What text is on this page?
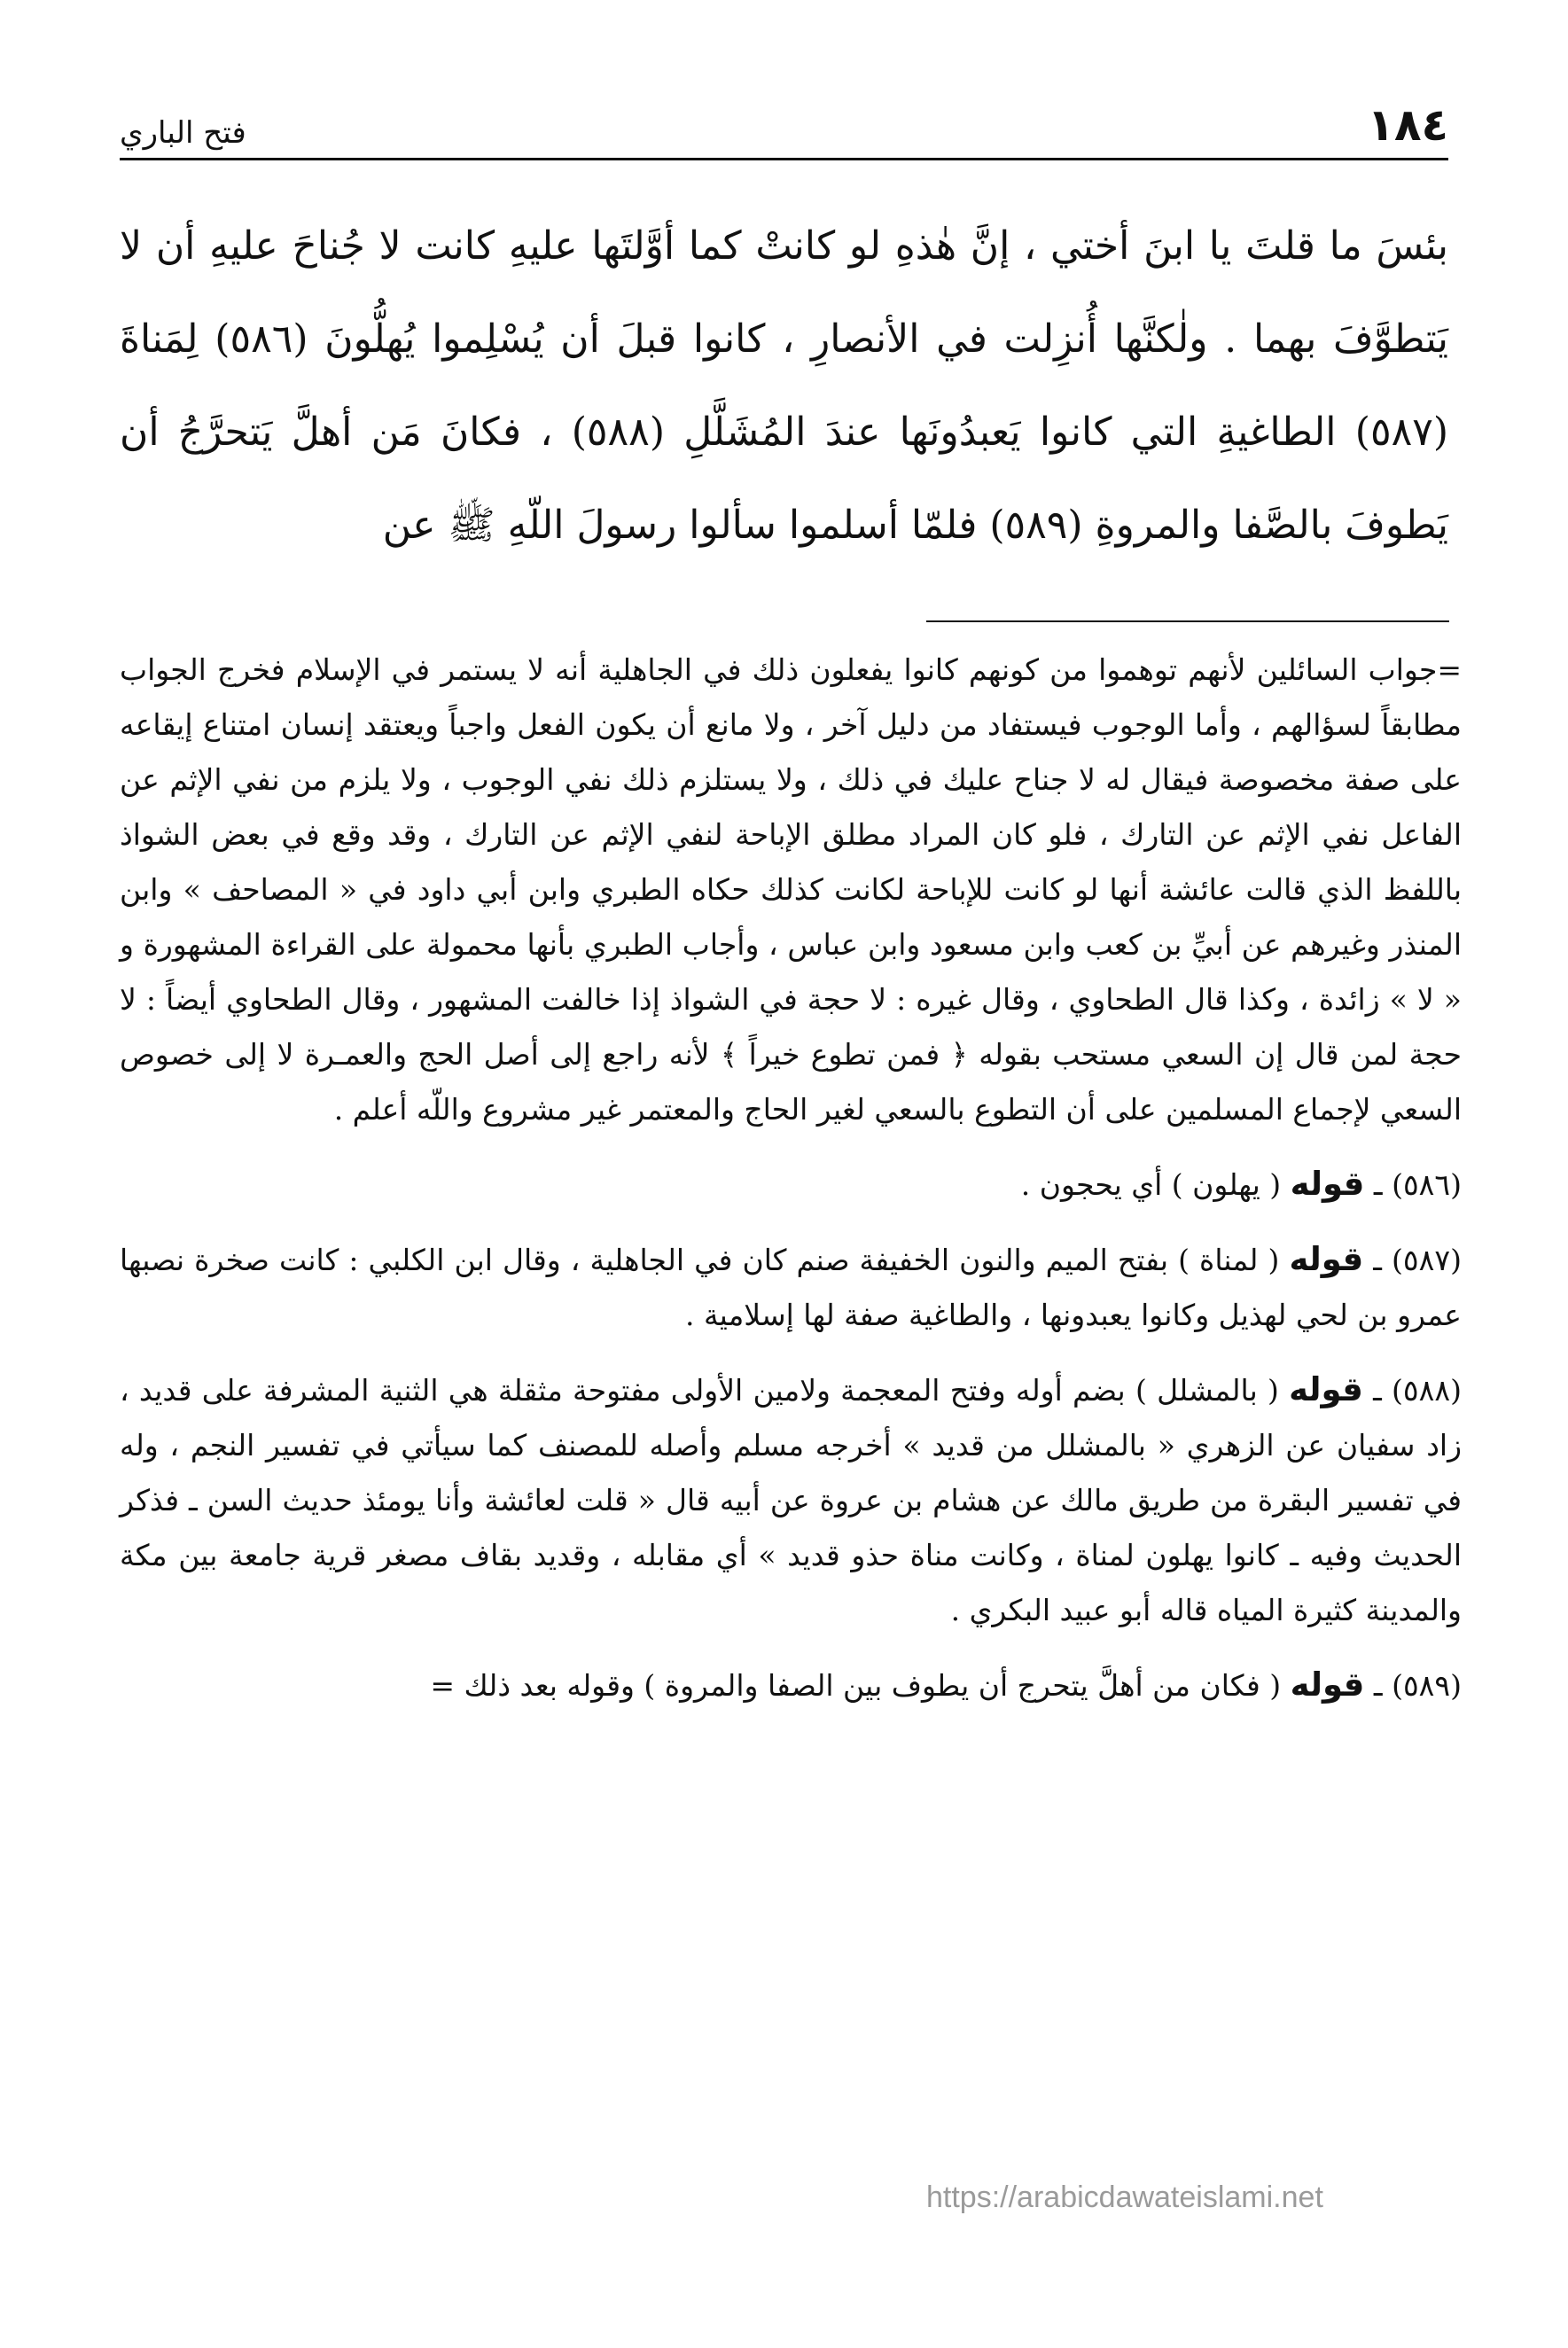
١٨٤
فتح الباري

بئسَ ما قلتَ يا ابنَ أختي ، إنَّ هٰذهِ لو كانتْ كما أوَّلتَها عليهِ كانت لا جُناحَ عليهِ أن لا يَتطوَّفَ بهما . ولٰكنَّها أُنزِلت في الأنصارِ ، كانوا قبلَ أن يُسْلِموا يُهلُّونَ (٥٨٦) لِمَناةَ (٥٨٧) الطاغيةِ التي كانوا يَعبدُونَها عندَ المُشَلَّلِ (٥٨٨) ، فكانَ مَن أهلَّ يَتحرَّجُ أن يَطوفَ بالصَّفا والمروةِ (٥٨٩) فلمّا أسلموا سألوا رسولَ اللّهِ ﷺ عن

=جواب السائلين لأنهم توهموا من كونهم كانوا يفعلون ذلك في الجاهلية أنه لا يستمر في الإسلام فخرج الجواب مطابقاً لسؤالهم ، وأما الوجوب فيستفاد من دليل آخر ، ولا مانع أن يكون الفعل واجباً ويعتقد إنسان امتناع إيقاعه على صفة مخصوصة فيقال له لا جناح عليك في ذلك ، ولا يستلزم ذلك نفي الوجوب ، ولا يلزم من نفي الإثم عن الفاعل نفي الإثم عن التارك ، فلو كان المراد مطلق الإباحة لنفي الإثم عن التارك ، وقد وقع في بعض الشواذ باللفظ الذي قالت عائشة أنها لو كانت للإباحة لكانت كذلك حكاه الطبري وابن أبي داود في « المصاحف » وابن المنذر وغيرهم عن أبيِّ بن كعب وابن مسعود وابن عباس ، وأجاب الطبري بأنها محمولة على القراءة المشهورة و « لا » زائدة ، وكذا قال الطحاوي ، وقال غيره : لا حجة في الشواذ إذا خالفت المشهور ، وقال الطحاوي أيضاً : لا حجة لمن قال إن السعي مستحب بقوله ﴿ فمن تطوع خيراً ﴾ لأنه راجع إلى أصل الحج والعمـرة لا إلى خصوص السعي لإجماع المسلمين على أن التطوع بالسعي لغير الحاج والمعتمر غير مشروع واللّه أعلم .

(٥٨٦) ـ قوله ( يهلون ) أي يحجون .

(٥٨٧) ـ قوله ( لمناة ) بفتح الميم والنون الخفيفة صنم كان في الجاهلية ، وقال ابن الكلبي : كانت صخرة نصبها عمرو بن لحي لهذيل وكانوا يعبدونها ، والطاغية صفة لها إسلامية .

(٥٨٨) ـ قوله ( بالمشلل ) بضم أوله وفتح المعجمة ولامين الأولى مفتوحة مثقلة هي الثنية المشرفة على قديد ، زاد سفيان عن الزهري « بالمشلل من قديد » أخرجه مسلم وأصله للمصنف كما سيأتي في تفسير النجم ، وله في تفسير البقرة من طريق مالك عن هشام بن عروة عن أبيه قال « قلت لعائشة وأنا يومئذ حديث السن ـ فذكر الحديث وفيه ـ كانوا يهلون لمناة ، وكانت مناة حذو قديد » أي مقابله ، وقديد بقاف مصغر قرية جامعة بين مكة والمدينة كثيرة المياه قاله أبو عبيد البكري .

(٥٨٩) ـ قوله ( فكان من أهلَّ يتحرج أن يطوف بين الصفا والمروة ) وقوله بعد ذلك =

https://arabicdawateislami.net
